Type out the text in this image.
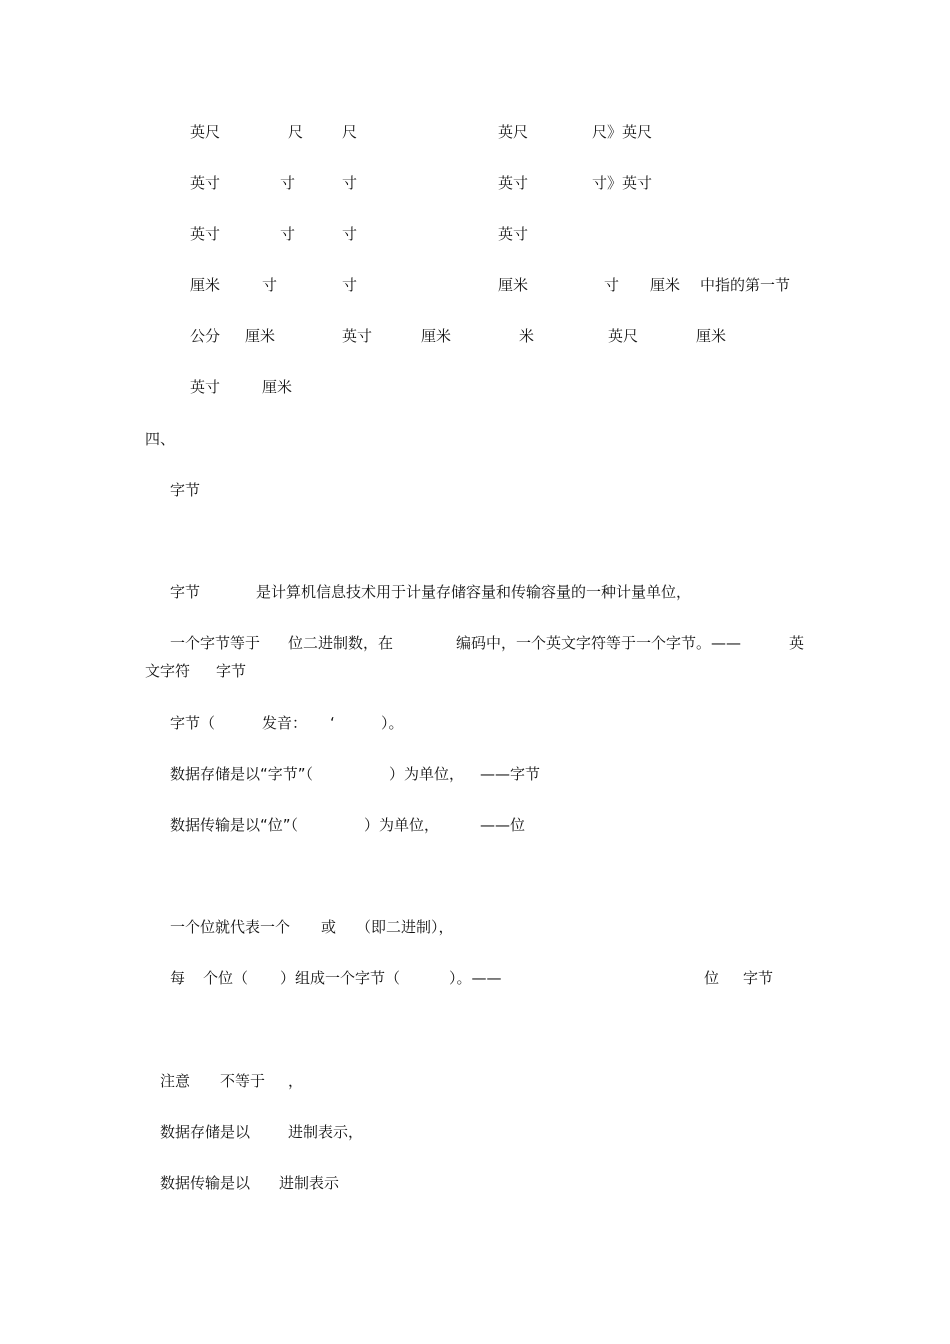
英尺	尺	尺	英尺	尺》英尺
英寸	寸	寸	英寸	寸》英寸
英寸	寸	寸	英寸
厘米	寸	寸	厘米	寸 厘米 中指的第一节
公分 厘米	英寸	厘米	米	英尺	厘米
英寸	厘米
四、
字节
字节	是计算机信息技术用于计量存储容量和传输容量的一种计量单位，
一个字节等于 位二进制数，在	编码中，一个英文字符等于一个字节。——	英
文字符 字节
字节（	发音： ‘	）。
数据存储是以“字节”（	）为单位， ——字节
数据传输是以“位”（	）为单位，	——位
一个位就代表一个 或 （即二进制），
每 个位（ ）组成一个字节（	）。——	位 字节
注意 不等于 ，
数据存储是以	进制表示，
数据传输是以 进制表示
